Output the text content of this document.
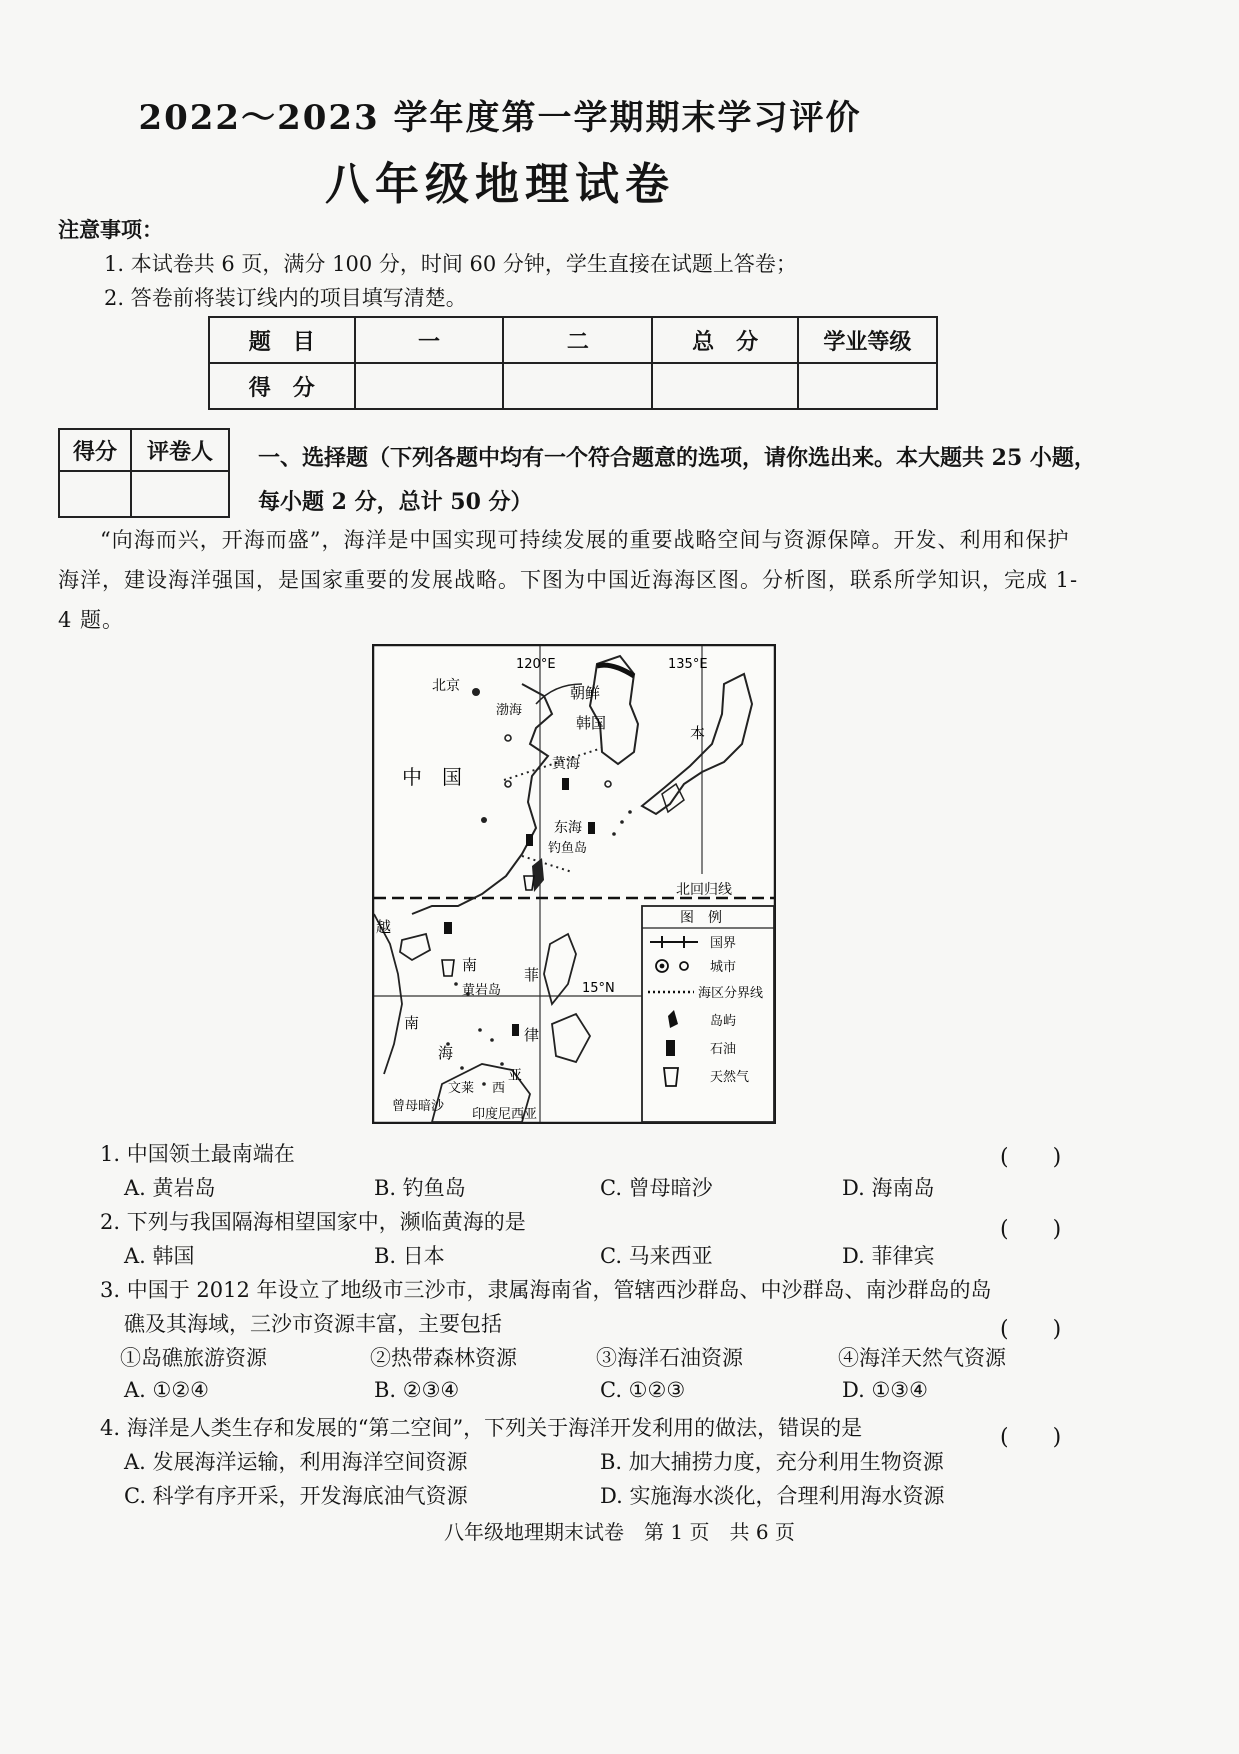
2022～2023 学年度第一学期期末学习评价
八年级地理试卷
注意事项：
1. 本试卷共 6 页，满分 100 分，时间 60 分钟，学生直接在试题上答卷；
2. 答卷前将装订线内的项目填写清楚。
题　目	一	二	总　分	学业等级
得　分				
得分	评卷人
	一、选择题（下列各题中均有一个符合题意的选项，请你选出来。本大题共 25 小题，每小题 2 分，总计 50 分）
“向海而兴，开海而盛”，海洋是中国实现可持续发展的重要战略空间与资源保障。开发、利用和保护海洋，建设海洋强国，是国家重要的发展战略。下图为中国近海海区图。分析图，联系所学知识，完成 1-4 题。
120°E	135°E
15°N
北回归线
北京
中　国
渤海
朝鲜
韩国
本
黄海
东海
钓鱼岛
越
南
黄岩岛
菲
南
海
律
亚
文莱 西
曾母暗沙
印度尼西亚
图　例
国界
城市
海区分界线
岛屿
石油
天然气
1. 中国领土最南端在	(　　)
A. 黄岩岛	B. 钓鱼岛	C. 曾母暗沙	D. 海南岛
2. 下列与我国隔海相望国家中，濒临黄海的是	(　　)
A. 韩国	B. 日本	C. 马来西亚	D. 菲律宾
3. 中国于 2012 年设立了地级市三沙市，隶属海南省，管辖西沙群岛、中沙群岛、南沙群岛的岛
礁及其海域，三沙市资源丰富，主要包括	(　　)
①岛礁旅游资源	②热带森林资源	③海洋石油资源	④海洋天然气资源
A. ①②④	B. ②③④	C. ①②③	D. ①③④
4. 海洋是人类生存和发展的“第二空间”，下列关于海洋开发利用的做法，错误的是	(　　)
A. 发展海洋运输，利用海洋空间资源	B. 加大捕捞力度，充分利用生物资源
C. 科学有序开采，开发海底油气资源	D. 实施海水淡化，合理利用海水资源
八年级地理期末试卷　第 1 页　共 6 页
